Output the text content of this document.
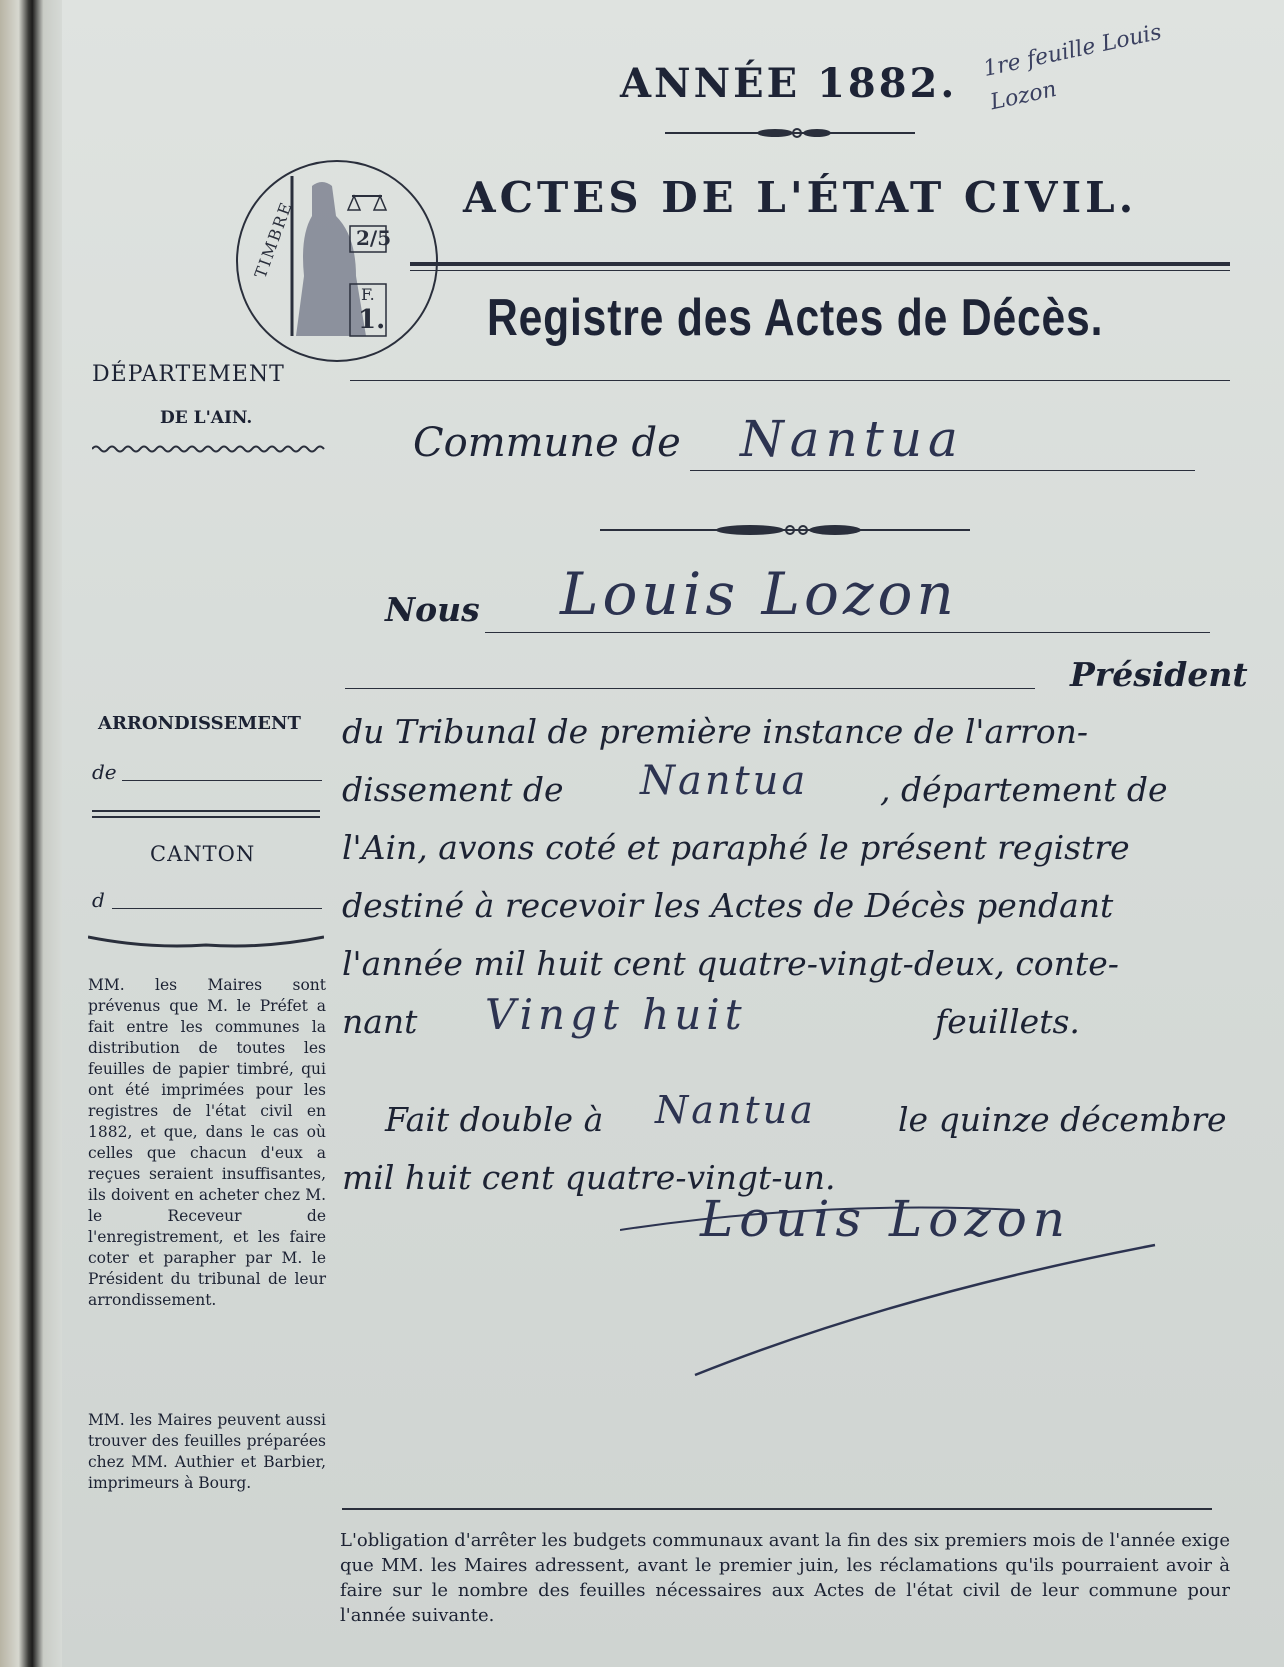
1re feuille Louis Lozon
ANNÉE 1882.
TIMBRE	2/5
F.
1.
ACTES DE L'ÉTAT CIVIL.
Registre des Actes de Décès.
DÉPARTEMENT
DE L'AIN.
ARRONDISSEMENT
de
CANTON
d
MM. les Maires sont prévenus que M. le Préfet a fait entre les communes la distribution de toutes les feuilles de papier timbré, qui ont été imprimées pour les registres de l'état civil en 1882, et que, dans le cas où celles que chacun d'eux a reçues seraient insuffisantes, ils doivent en acheter chez M. le Receveur de l'enregistrement, et les faire coter et parapher par M. le Président du tribunal de leur arrondissement.
MM. les Maires peuvent aussi trouver des feuilles préparées chez MM. Authier et Barbier, imprimeurs à Bourg.
Commune de Nantua
Nous Louis Lozon
Président
du Tribunal de première instance de l'arron-
dissement de Nantua , département de
l'Ain, avons coté et paraphé le présent registre
destiné à recevoir les Actes de Décès pendant
l'année mil huit cent quatre-vingt-deux, conte-
nant Vingt huit	feuillets.
Fait double à Nantua le quinze décembre
mil huit cent quatre-vingt-un.
Louis Lozon
L'obligation d'arrêter les budgets communaux avant la fin des six premiers mois de l'année exige que MM. les Maires adressent, avant le premier juin, les réclamations qu'ils pourraient avoir à faire sur le nombre des feuilles nécessaires aux Actes de l'état civil de leur commune pour l'année suivante.
